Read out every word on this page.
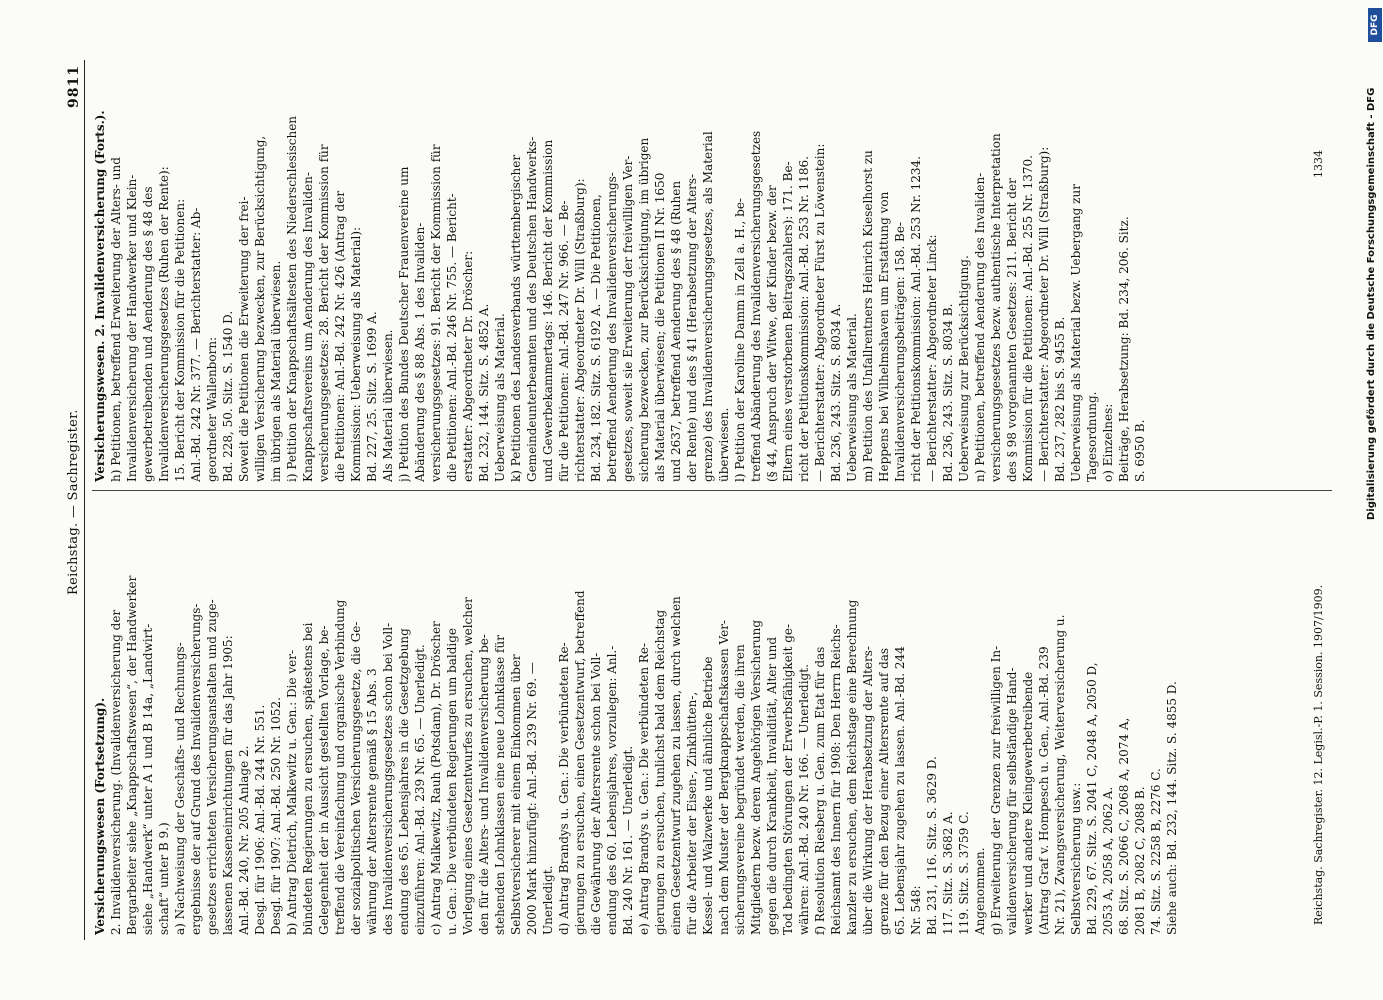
Reichstag. — Sachregister.
9811
Versicherungswesen (Fortsetzung). 2. Invalidenversicherung. (Invalidenversicherung der Bergarbeiter siehe „Knappschaftswesen“, der Handwerker siehe „Handwerk“ unter A 1 und B 14a, „Landwirt- schaft“ unter B 9.) a) Nachweisung der Geschäfts- und Rechnungs- ergebnisse der auf Grund des Invalidenversicherungs- gesetzes errichteten Versicherungsanstalten und zuge- lassenen Kasseneinrichtungen für das Jahr 1905: Anl.-Bd. 240, Nr. 205 Anlage 2. Desgl. für 1906: Anl.-Bd. 244 Nr. 551. Desgl. für 1907: Anl.-Bd. 250 Nr. 1052. b) Antrag Dietrich, Malkewitz u. Gen.: Die ver- bündeten Regierungen zu ersuchen, spätestens bei Gelegenheit der in Aussicht gestellten Vorlage, be- treffend die Vereinfachung und organische Verbindung der sozialpolitischen Versicherungsgesetze, die Ge- währung der Altersrente gemäß § 15 Abs. 3 des Invalidenversicherungsgesetzes schon bei Voll- endung des 65. Lebensjahres in die Gesetzgebung einzuführen: Anl.-Bd. 239 Nr. 65. — Unerledigt. c) Antrag Malkewitz, Rauh (Potsdam), Dr. Dröscher u. Gen.: Die verbündeten Regierungen um baldige Vorlegung eines Gesetzentwurfes zu ersuchen, welcher den für die Alters- und Invalidenversicherung be- stehenden Lohnklassen eine neue Lohnklasse für Selbstversicherer mit einem Einkommen über 2000 Mark hinzufügt: Anl.-Bd. 239 Nr. 69. — Unerledigt. d) Antrag Brandys u. Gen.: Die verbündeten Re- gierungen zu ersuchen, einen Gesetzentwurf, betreffend die Gewährung der Altersrente schon bei Voll- endung des 60. Lebensjahres, vorzulegen: Anl.- Bd. 240 Nr. 161. — Unerledigt. e) Antrag Brandys u. Gen.: Die verbündeten Re- gierungen zu ersuchen, tunlichst bald dem Reichstag einen Gesetzentwurf zugehen zu lassen, durch welchen für die Arbeiter der Eisen-, Zinkhütten-, Kessel- und Walzwerke und ähnliche Betriebe nach dem Muster der Bergknappschaftskassen Ver- sicherungsvereine begründet werden, die ihren Mitgliedern bezw. deren Angehörigen Versicherung gegen die durch Krankheit, Invalidität, Alter und Tod bedingten Störungen der Erwerbsfähigkeit ge- währen: Anl.-Bd. 240 Nr. 166. — Unerledigt. f) Resolution Riesberg u. Gen. zum Etat für das Reichsamt des Innern für 1908: Den Herrn Reichs- kanzler zu ersuchen, dem Reichstage eine Berechnung über die Wirkung der Herabsetzung der Alters- grenze für den Bezug einer Altersrente auf das 65. Lebensjahr zugehen zu lassen. Anl.-Bd. 244 Nr. 548: Bd. 231, 116. Sitz. S. 3629 D. 117. Sitz. S. 3682 A. 119. Sitz. S. 3759 C. Angenommen. g) Erweiterung der Grenzen zur freiwilligen In- validenversicherung für selbständige Hand- werker und andere Kleingewerbetreibende (Antrag Graf v. Hompesch u. Gen., Anl.-Bd. 239 Nr. 21), Zwangsversicherung, Weiterversicherung u. Selbstversicherung usw.: Bd. 229, 67. Sitz. S. 2041 C, 2048 A, 2050 D, 2053 A, 2058 A, 2062 A. 68. Sitz. S. 2066 C, 2068 A, 2074 A, 2081 B, 2082 C, 2088 B. 74. Sitz. S. 2258 B, 2276 C. Siehe auch: Bd. 232, 144. Sitz. S. 4855 D.
Versicherungswesen. 2. Invalidenversicherung (Forts.). h) Petitionen, betreffend Erweiterung der Alters- und Invalidenversicherung der Handwerker und Klein- gewerbetreibenden und Aenderung des § 48 des Invalidenversicherungsgesetzes (Ruhen der Rente): 15. Bericht der Kommission für die Petitionen: Anl.-Bd. 242 Nr. 377. — Berichterstatter: Ab- geordneter Wallenborn: Bd. 228, 50. Sitz. S. 1540 D. Soweit die Petitionen die Erweiterung der frei- willigen Versicherung bezwecken, zur Berücksichtigung, im übrigen als Material überwiesen. i) Petition der Knappschaftsältesten des Niederschlesischen Knappschaftsvereins um Aenderung des Invaliden- versicherungsgesetzes: 28. Bericht der Kommission für die Petitionen: Anl.-Bd. 242 Nr. 426 (Antrag der Kommission: Ueberweisung als Material): Bd. 227, 25. Sitz. S. 1699 A. Als Material überwiesen. j) Petition des Bundes Deutscher Frauenvereine um Abänderung des § 88 Abs. 1 des Invaliden- versicherungsgesetzes: 91. Bericht der Kommission für die Petitionen: Anl.-Bd. 246 Nr. 755. — Bericht- erstatter: Abgeordneter Dr. Dröscher: Bd. 232, 144. Sitz. S. 4852 A. Ueberweisung als Material. k) Petitionen des Landesverbands württembergischer Gemeindeunterbeamten und des Deutschen Handwerks- und Gewerbekammertags: 146. Bericht der Kommission für die Petitionen: Anl.-Bd. 247 Nr. 966. — Be- richterstatter: Abgeordneter Dr. Will (Straßburg): Bd. 234, 182. Sitz. S. 6192 A. — Die Petitionen, betreffend Aenderung des Invalidenversicherungs- gesetzes, soweit sie Erweiterung der freiwilligen Ver- sicherung bezwecken, zur Berücksichtigung, im übrigen als Material überwiesen; die Petitionen II Nr. 1650 und 2637, betreffend Aenderung des § 48 (Ruhen der Rente) und des § 41 (Herabsetzung der Alters- grenze) des Invalidenversicherungsgesetzes, als Material überwiesen. l) Petition der Karoline Damm in Zell a. H., be- treffend Abänderung des Invalidenversicherungsgesetzes (§ 44, Anspruch der Witwe, der Kinder bezw. der Eltern eines verstorbenen Beitragszahlers): 171. Be- richt der Petitionskommission: Anl.-Bd. 253 Nr. 1186. — Berichterstatter: Abgeordneter Fürst zu Löwenstein: Bd. 236, 243. Sitz. S. 8034 A. Ueberweisung als Material. m) Petition des Unfallrentners Heinrich Kieselhorst zu Heppens bei Wilhelmshaven um Erstattung von Invalidenversicherungsbeiträgen: 158. Be- richt der Petitionskommission: Anl.-Bd. 253 Nr. 1234. — Berichterstatter: Abgeordneter Linck: Bd. 236, 243. Sitz. S. 8034 B. Ueberweisung zur Berücksichtigung. n) Petitionen, betreffend Aenderung des Invaliden- versicherungsgesetzes bezw. authentische Interpretation des § 98 vorgenannten Gesetzes: 211. Bericht der Kommission für die Petitionen: Anl.-Bd. 255 Nr. 1370. — Berichterstatter: Abgeordneter Dr. Will (Straßburg): Bd. 237, 282 bis S. 9455 B. Ueberweisung als Material bezw. Uebergang zur Tagesordnung. o) Einzelnes: Beiträge, Herabsetzung: Bd. 234, 206. Sitz. S. 6950 B.
Reichstag. Sachregister. 12. Legisl.-P. 1. Session. 1907/1909.
1334	Digitalisierung gefördert durch die Deutsche Forschungsgemeinschaft - DFG
DFG
